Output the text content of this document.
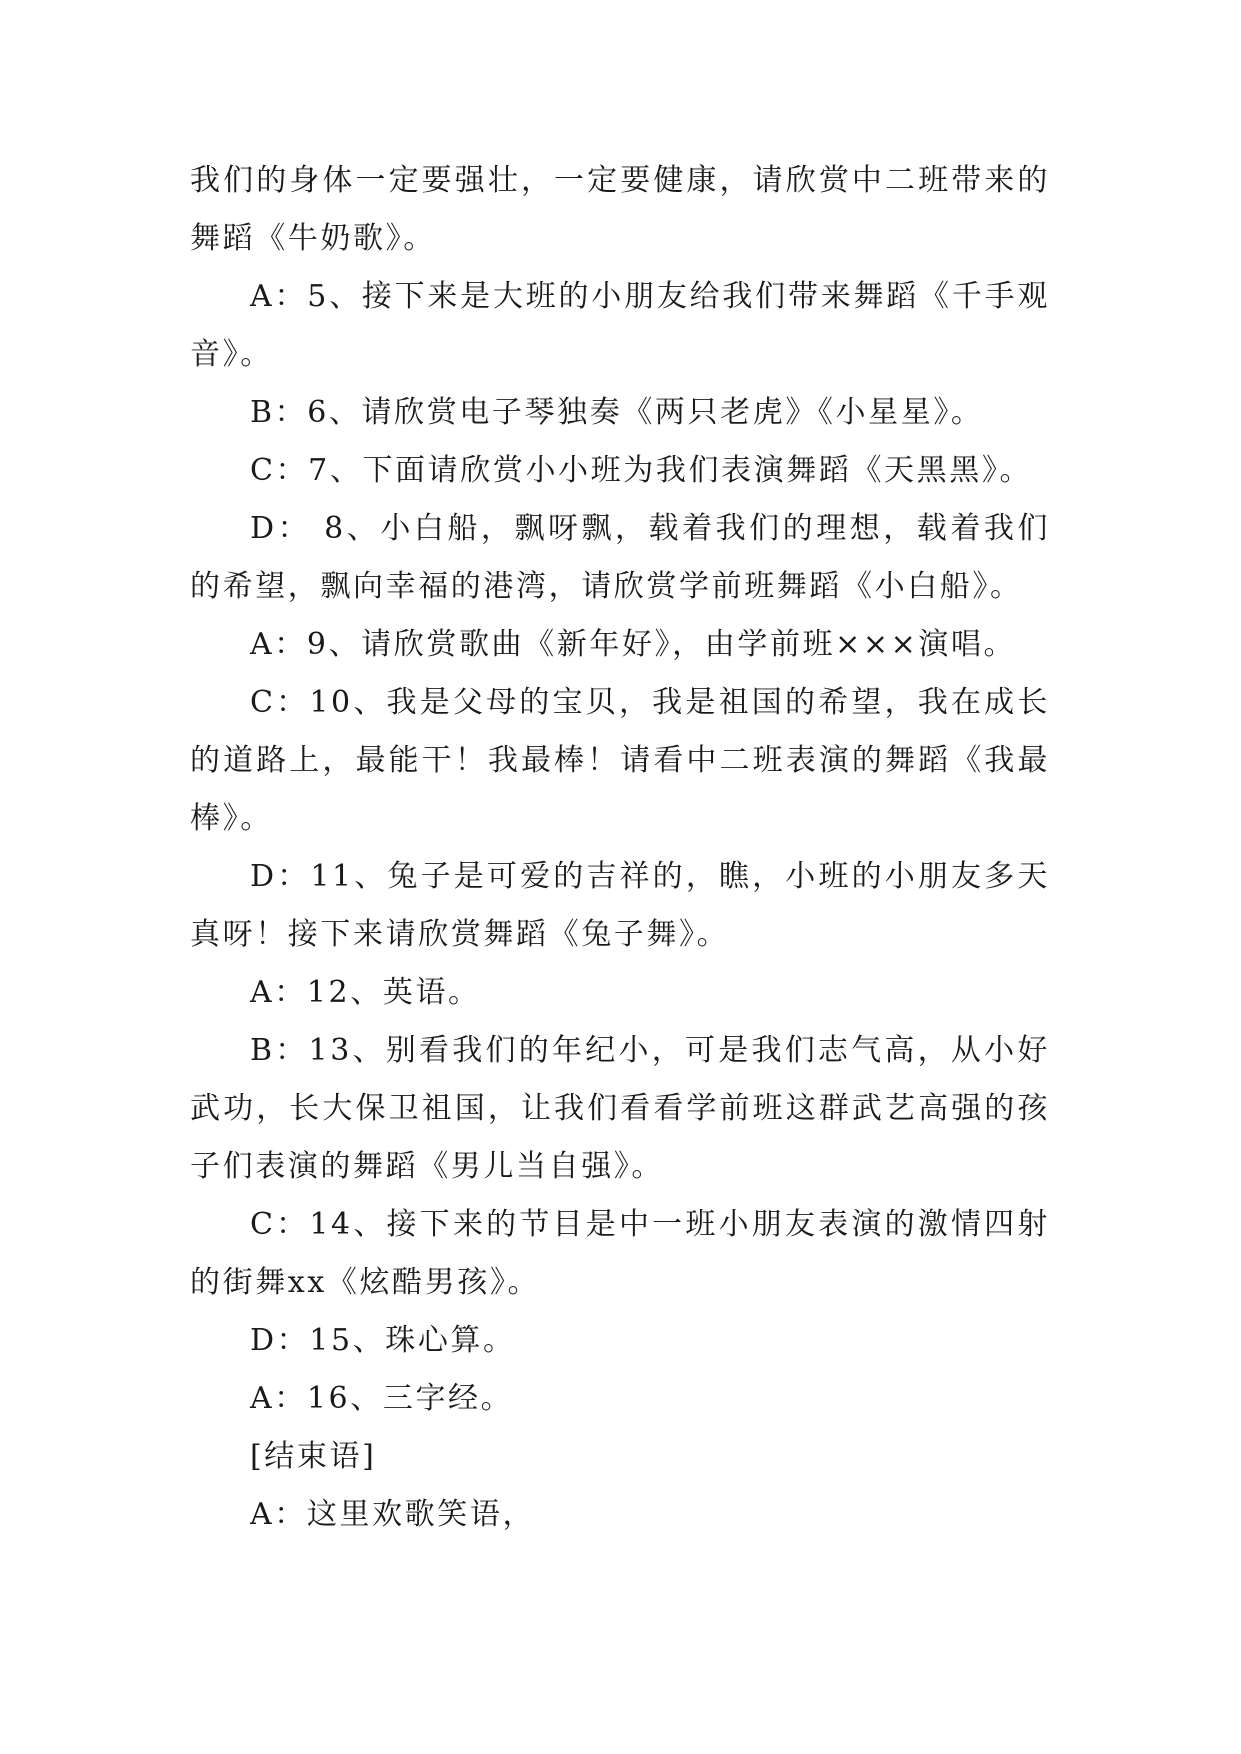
我们的身体一定要强壮，一定要健康，请欣赏中二班带来的舞蹈《牛奶歌》。

A：5、接下来是大班的小朋友给我们带来舞蹈《千手观音》。

B：6、请欣赏电子琴独奏《两只老虎》《小星星》。

C：7、下面请欣赏小小班为我们表演舞蹈《天黑黑》。

D： 8、小白船，飘呀飘，载着我们的理想，载着我们的希望，飘向幸福的港湾，请欣赏学前班舞蹈《小白船》。

A：9、请欣赏歌曲《新年好》，由学前班×××演唱。

C：10、我是父母的宝贝，我是祖国的希望，我在成长的道路上，最能干！我最棒！请看中二班表演的舞蹈《我最棒》。

D：11、兔子是可爱的吉祥的，瞧，小班的小朋友多天真呀！接下来请欣赏舞蹈《兔子舞》。

A：12、英语。

B：13、别看我们的年纪小，可是我们志气高，从小好武功，长大保卫祖国，让我们看看学前班这群武艺高强的孩子们表演的舞蹈《男儿当自强》。

C：14、接下来的节目是中一班小朋友表演的激情四射的街舞xx《炫酷男孩》。

D：15、珠心算。

A：16、三字经。

[结束语]

A：这里欢歌笑语，
